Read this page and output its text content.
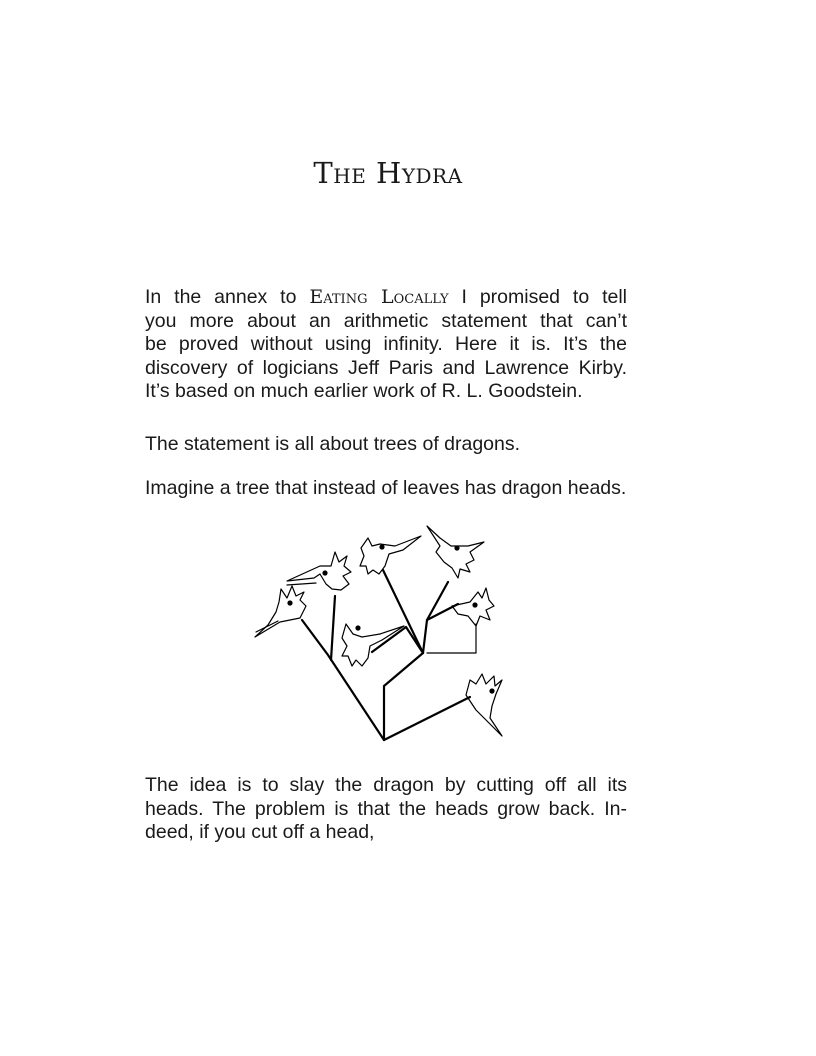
The Hydra
In the annex to Eating Locally I promised to tell
you more about an arithmetic statement that can’t
be proved without using infinity. Here it is. It’s the
discovery of logicians Jeff Paris and Lawrence Kirby.
It’s based on much earlier work of R. L. Goodstein.

The statement is all about trees of dragons.

Imagine a tree that instead of leaves has dragon heads.

The idea is to slay the dragon by cutting off all its
heads. The problem is that the heads grow back. In-
deed, if you cut off a head,
